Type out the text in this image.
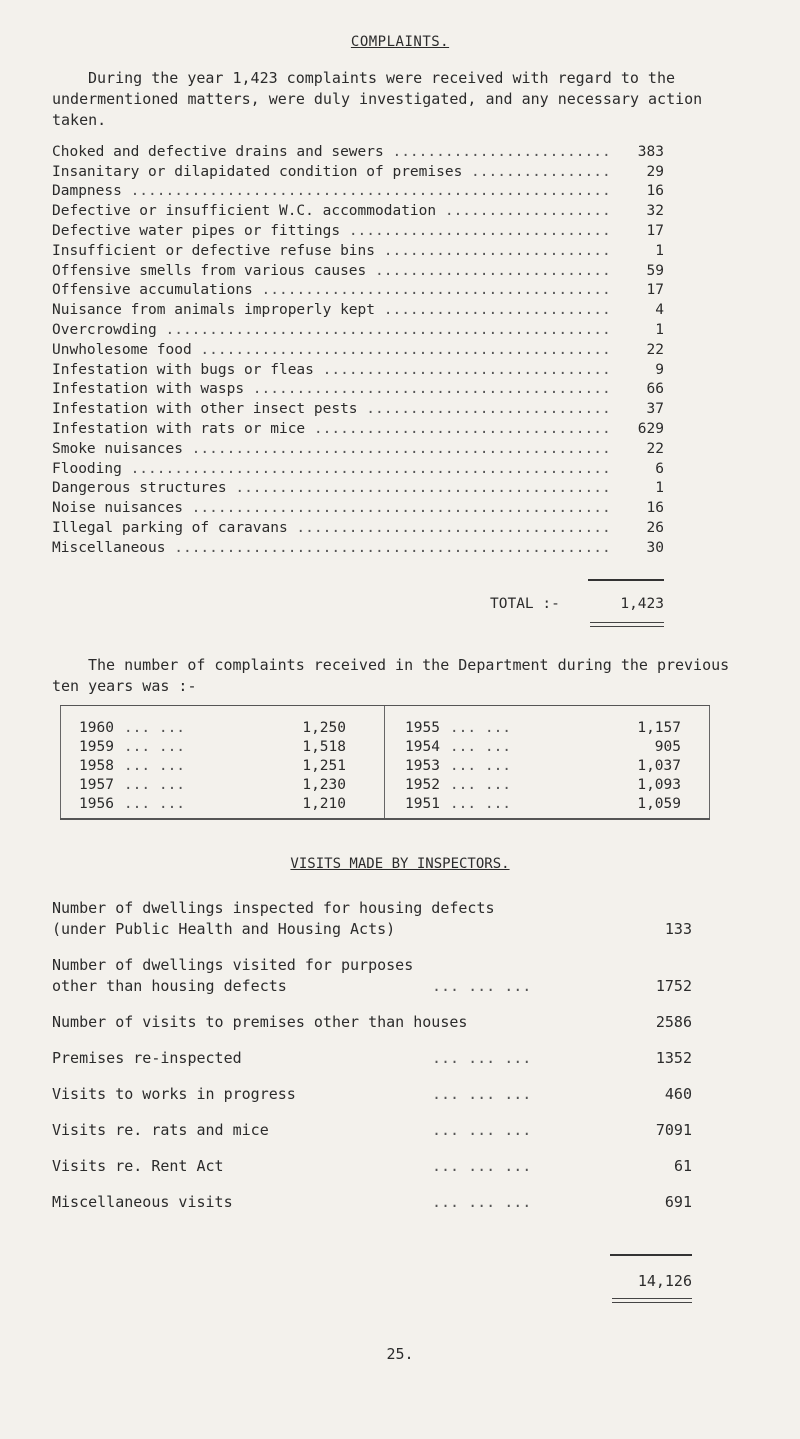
COMPLAINTS.
During the year 1,423 complaints were received with regard to the undermentioned matters, were duly investigated, and any necessary action taken.
Choked and defective drains and sewers .....	383
Insanitary or dilapidated condition of premises .....	29
Dampness .....	16
Defective or insufficient W.C. accommodation .....	32
Defective water pipes or fittings .....	17
Insufficient or defective refuse bins .....	1
Offensive smells from various causes .....	59
Offensive accumulations .....	17
Nuisance from animals improperly kept .....	4
Overcrowding .....	1
Unwholesome food .....	22
Infestation with bugs or fleas .....	9
Infestation with wasps .....	66
Infestation with other insect pests .....	37
Infestation with rats or mice .....	629
Smoke nuisances .....	22
Flooding .....	6
Dangerous structures .....	1
Noise nuisances .....	16
Illegal parking of caravans .....	26
Miscellaneous .....	30
TOTAL :-	1,423
The number of complaints received in the Department during the previous ten years was :-
1960 ... ...	1,250
1959 ... ...	1,518
1958 ... ...	1,251
1957 ... ...	1,230
1956 ... ...	1,210
1955 ... ...	1,157
1954 ... ...	905
1953 ... ...	1,037
1952 ... ...	1,093
1951 ... ...	1,059
VISITS MADE BY INSPECTORS.
Number of dwellings inspected for housing defects (under Public Health and Housing Acts)	133
Number of dwellings visited for purposes other than housing defects	... ... ...	1752
Number of visits to premises other than houses	2586
Premises re-inspected	... ... ...	1352
Visits to works in progress	... ... ...	460
Visits re. rats and mice	... ... ...	7091
Visits re. Rent Act	... ... ...	61
Miscellaneous visits	... ... ...	691
14,126
25.
